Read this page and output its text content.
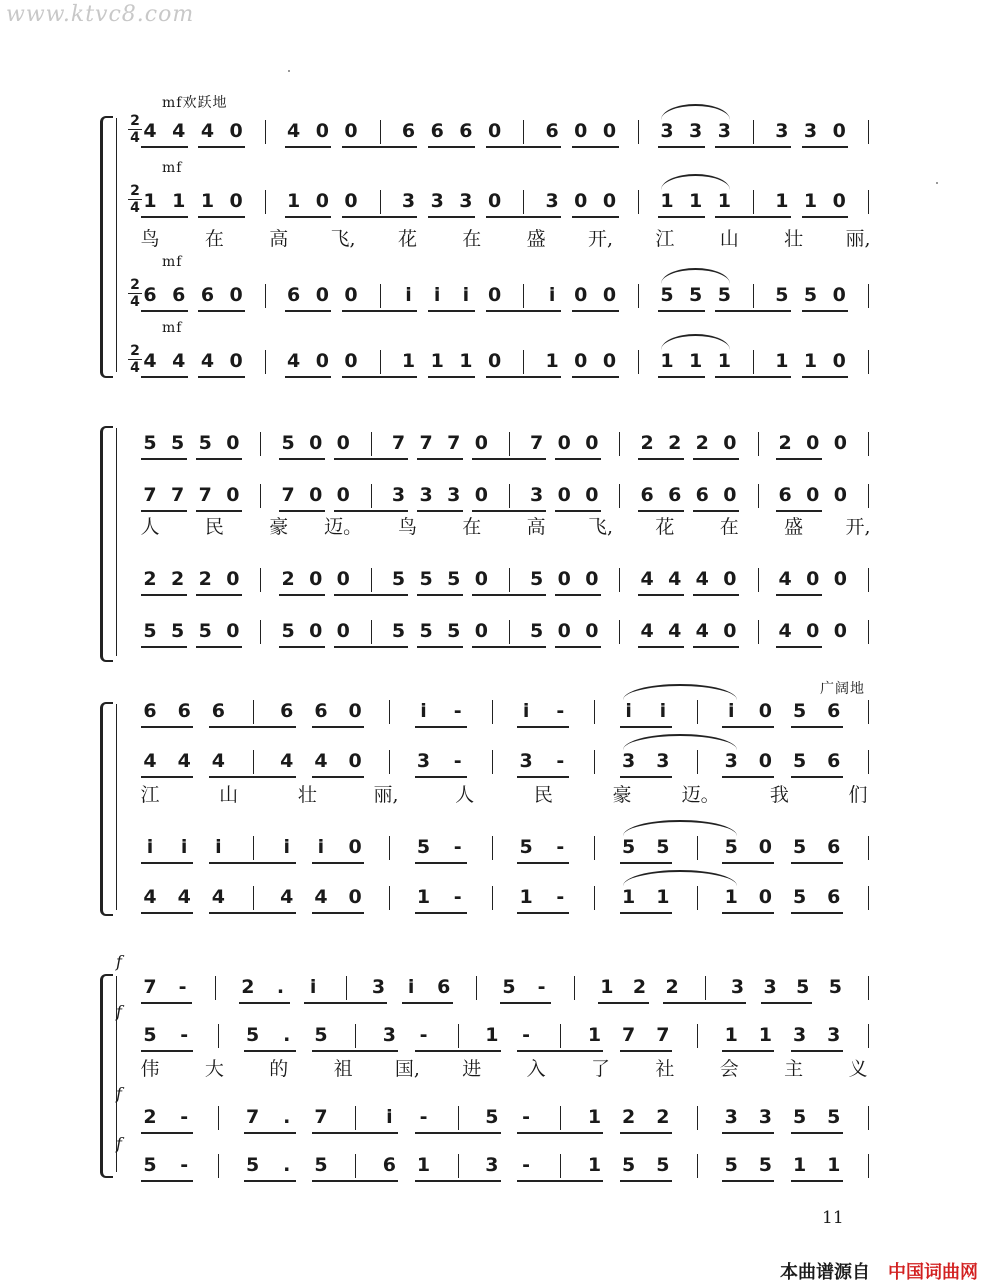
www.ktvc8.com
mf欢跃地
2
4 4 4 4 0 4 0 0 6 6 6 0 6 0 0 3 3 3 3 3 0
mf
2
4 1 1 1 0 1 0 0 3 3 3 0 3 0 0 1 1 1 1 1 0
鸟 在 高 飞, 花 在 盛 开, 江 山 壮 丽,
mf
2
4 6 6 6 0 6 0 0	i i i 0	i 0 0 5 5 5 5 5 0
mf
2
4 4 4 4 0 4 0 0 1 1 1 0 1 0 0 1 1 1 1 1 0
5 5 5 0 5 0 0 7 7 7 0 7 0 0 2 2 2 0 2 0 0
7 7 7 0 7 0 0 3 3 3 0 3 0 0 6 6 6 0 6 0 0
人 民 豪 迈。 鸟 在 高 飞, 花 在 盛 开,
2 2 2 0 2 0 0 5 5 5 0 5 0 0 4 4 4 0 4 0 0
5 5 5 0 5 0 0 5 5 5 0 5 0 0 4 4 4 0 4 0 0
广阔地
6 6 6	6 6 0	i -	i -	i i	i 0 5 6
4 4 4	4 4 0	3 -	3 -	3 3	3 0 5 6
江	山	壮	丽,	人	民	豪	迈。	我	们
i i i	i i 0	5 -	5 -	5 5	5 0 5 6
4 4 4	4 4 0	1 -	1 -	1 1	1 0 5 6
f
7 -	2 . i	3 i 6	5 -	1 2 2	3 3 5 5
f
5 -	5 . 5	3 -	1 -	1 7 7	1 1 3 3
伟 大 的 祖 国, 进 入 了 社 会 主 义
f
2 -	7 . 7	i -	5 -	1 2 2	3 3 5 5
f
5 -	5 . 5	6 1	3 -	1 5 5	5 5 1 1
11
本曲谱源自 中国词曲网
